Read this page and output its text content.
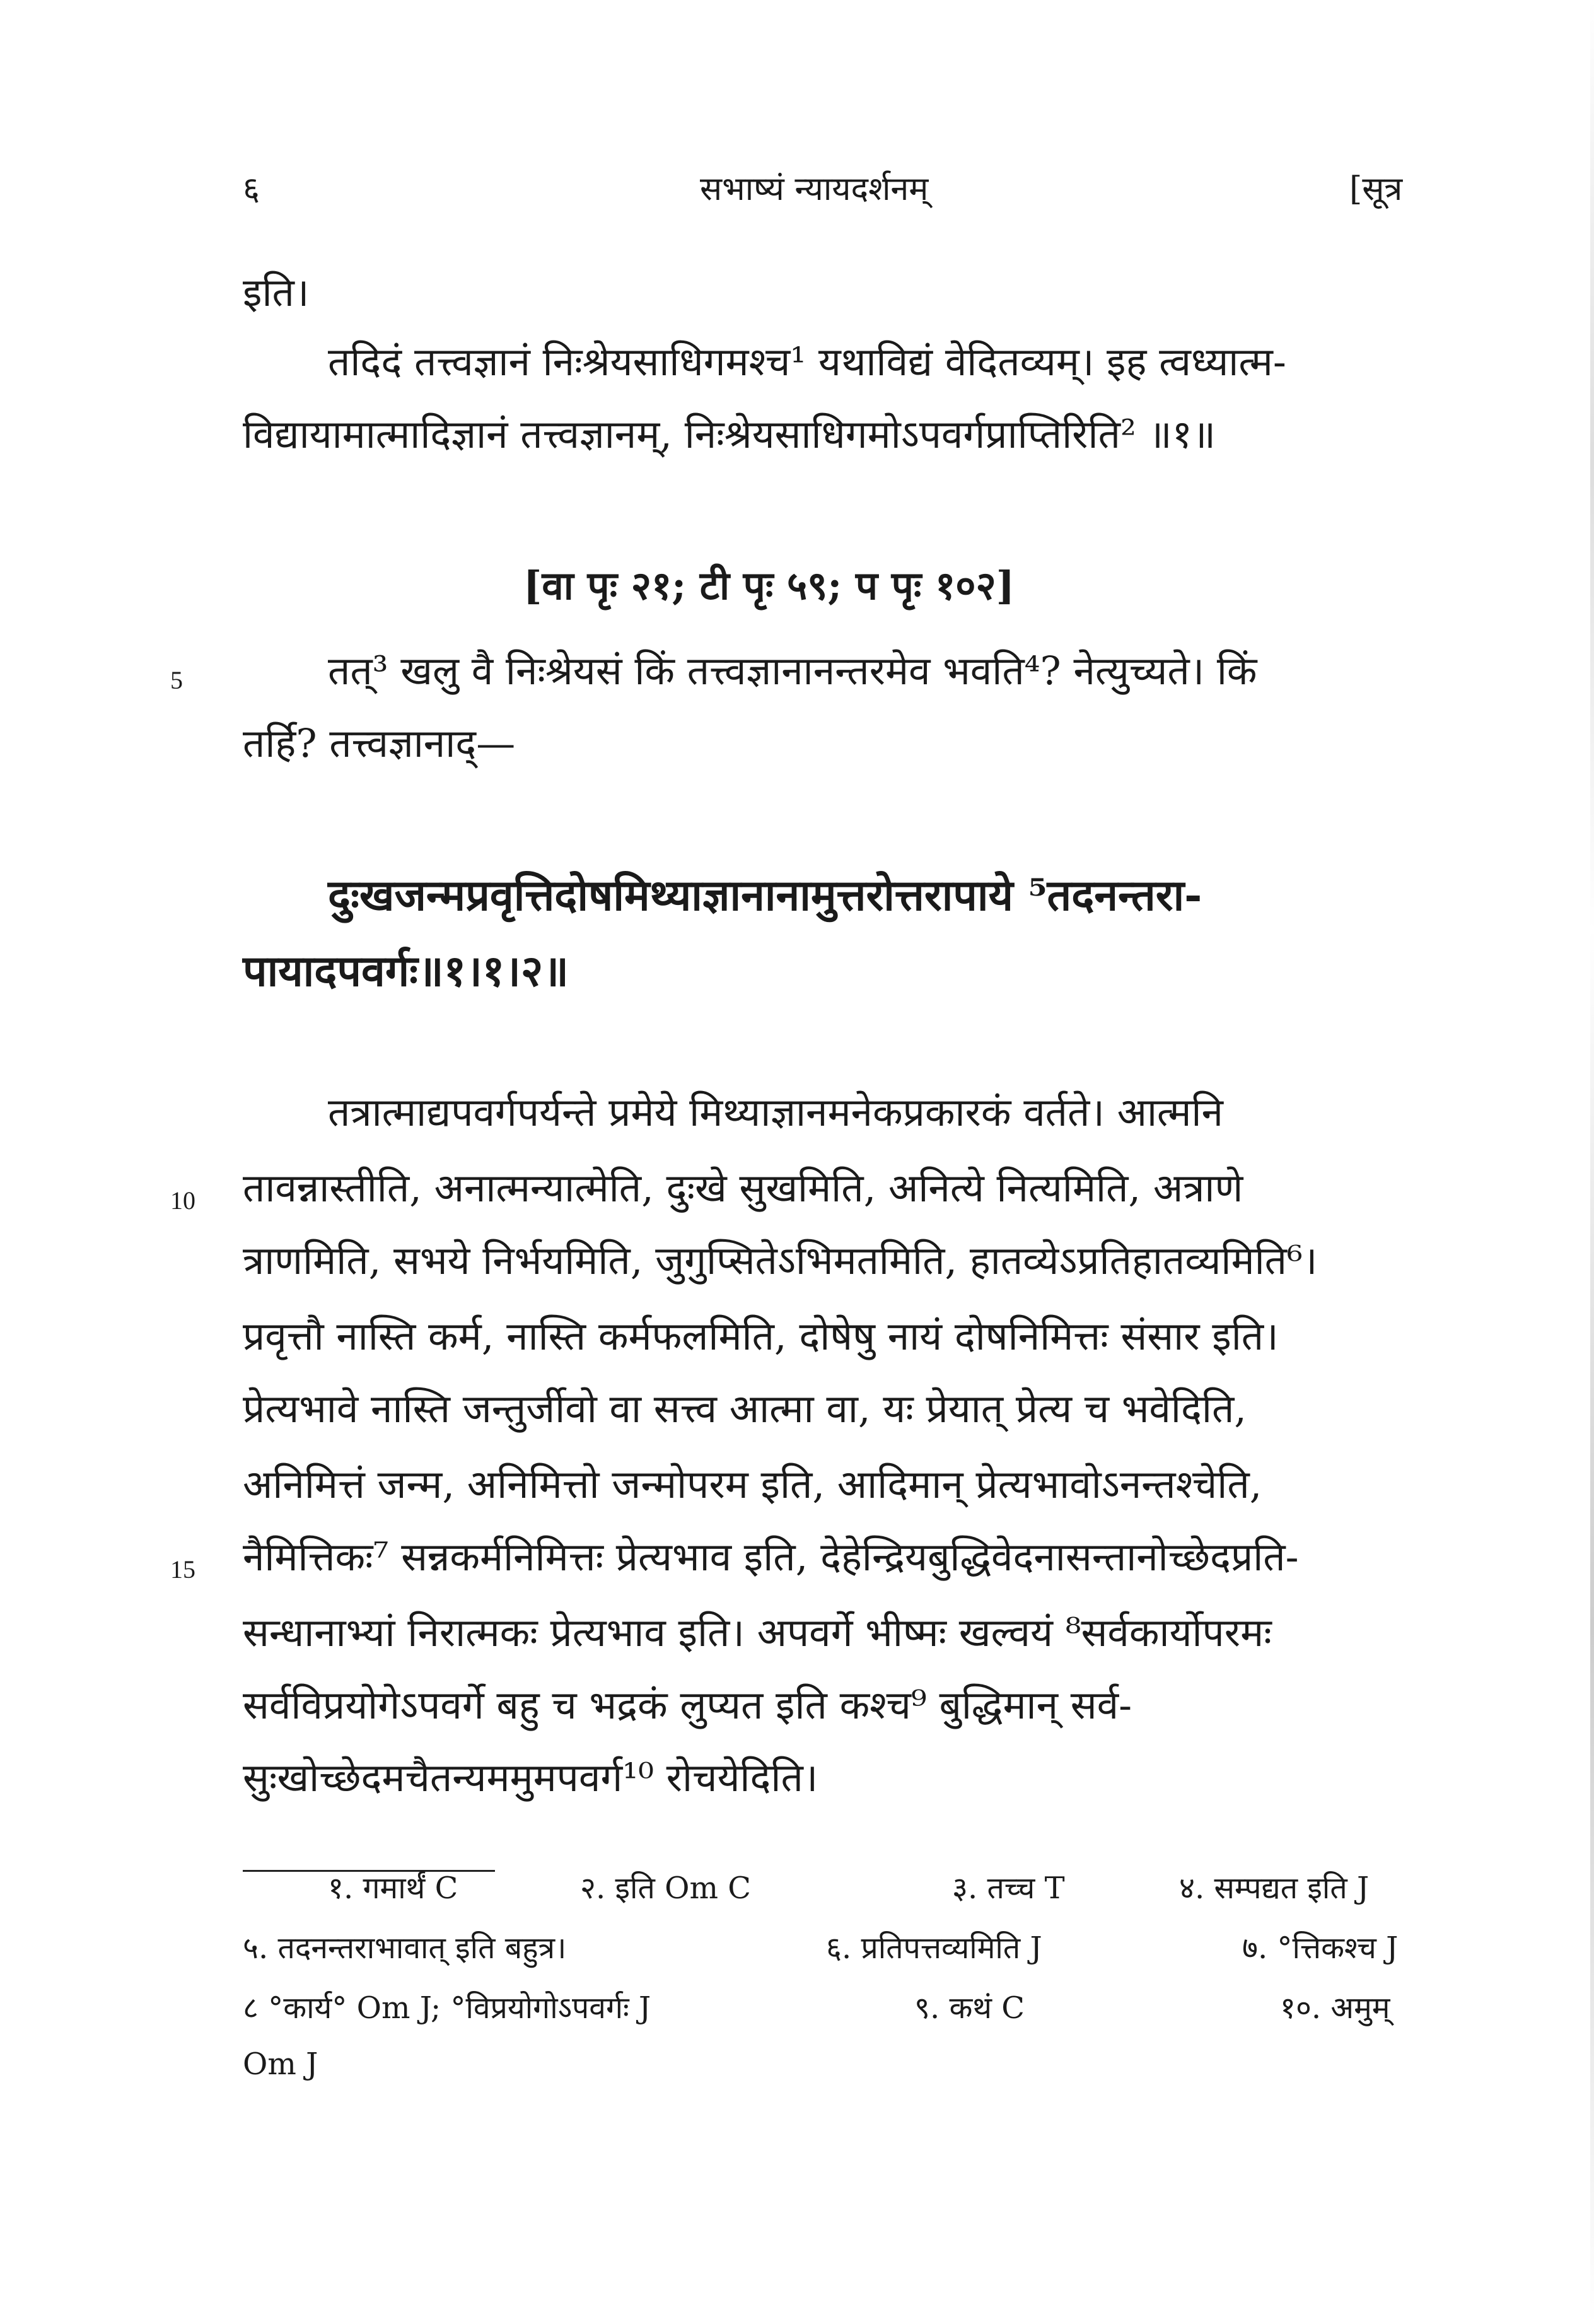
६	सभाष्यं न्यायदर्शनम्	[सूत्र
इति।
तदिदं तत्त्वज्ञानं निःश्रेयसाधिगमश्च¹ यथाविद्यं वेदितव्यम्। इह त्वध्यात्म-
विद्यायामात्मादिज्ञानं तत्त्वज्ञानम्, निःश्रेयसाधिगमोऽपवर्गप्राप्तिरिति² ॥१॥
[वा पृः २१; टी पृः ५९; प पृः १०२]
5	तत्³ खलु वै निःश्रेयसं किं तत्त्वज्ञानानन्तरमेव भवति⁴? नेत्युच्यते। किं
तर्हि? तत्त्वज्ञानाद्—
दुःखजन्मप्रवृत्तिदोषमिथ्याज्ञानानामुत्तरोत्तरापाये ⁵तदनन्तरा-
पायादपवर्गः॥१।१।२॥
तत्रात्माद्यपवर्गपर्यन्ते प्रमेये मिथ्याज्ञानमनेकप्रकारकं वर्तते। आत्मनि
10 तावन्नास्तीति, अनात्मन्यात्मेति, दुःखे सुखमिति, अनित्ये नित्यमिति, अत्राणे
त्राणमिति, सभये निर्भयमिति, जुगुप्सितेऽभिमतमिति, हातव्येऽप्रतिहातव्यमिति⁶।
प्रवृत्तौ नास्ति कर्म, नास्ति कर्मफलमिति, दोषेषु नायं दोषनिमित्तः संसार इति।
प्रेत्यभावे नास्ति जन्तुर्जीवो वा सत्त्व आत्मा वा, यः प्रेयात् प्रेत्य च भवेदिति,
अनिमित्तं जन्म, अनिमित्तो जन्मोपरम इति, आदिमान् प्रेत्यभावोऽनन्तश्चेति,
15 नैमित्तिकः⁷ सन्नकर्मनिमित्तः प्रेत्यभाव इति, देहेन्द्रियबुद्धिवेदनासन्तानोच्छेदप्रति-
सन्धानाभ्यां निरात्मकः प्रेत्यभाव इति। अपवर्गे भीष्मः खल्वयं ⁸सर्वकार्योपरमः
सर्वविप्रयोगेऽपवर्गे बहु च भद्रकं लुप्यत इति कश्च⁹ बुद्धिमान् सर्व-
सुःखोच्छेदमचैतन्यममुमपवर्ग¹⁰ रोचयेदिति।
१. गमार्थं C	२. इति Om C	३. तच्च T	४. सम्पद्यत इति J
५. तदनन्तराभावात् इति बहुत्र।	६. प्रतिपत्तव्यमिति J	७. °त्तिकश्च J
८ °कार्य° Om J; °विप्रयोगोऽपवर्गः J	९. कथं C	१०. अमुम्
Om J
